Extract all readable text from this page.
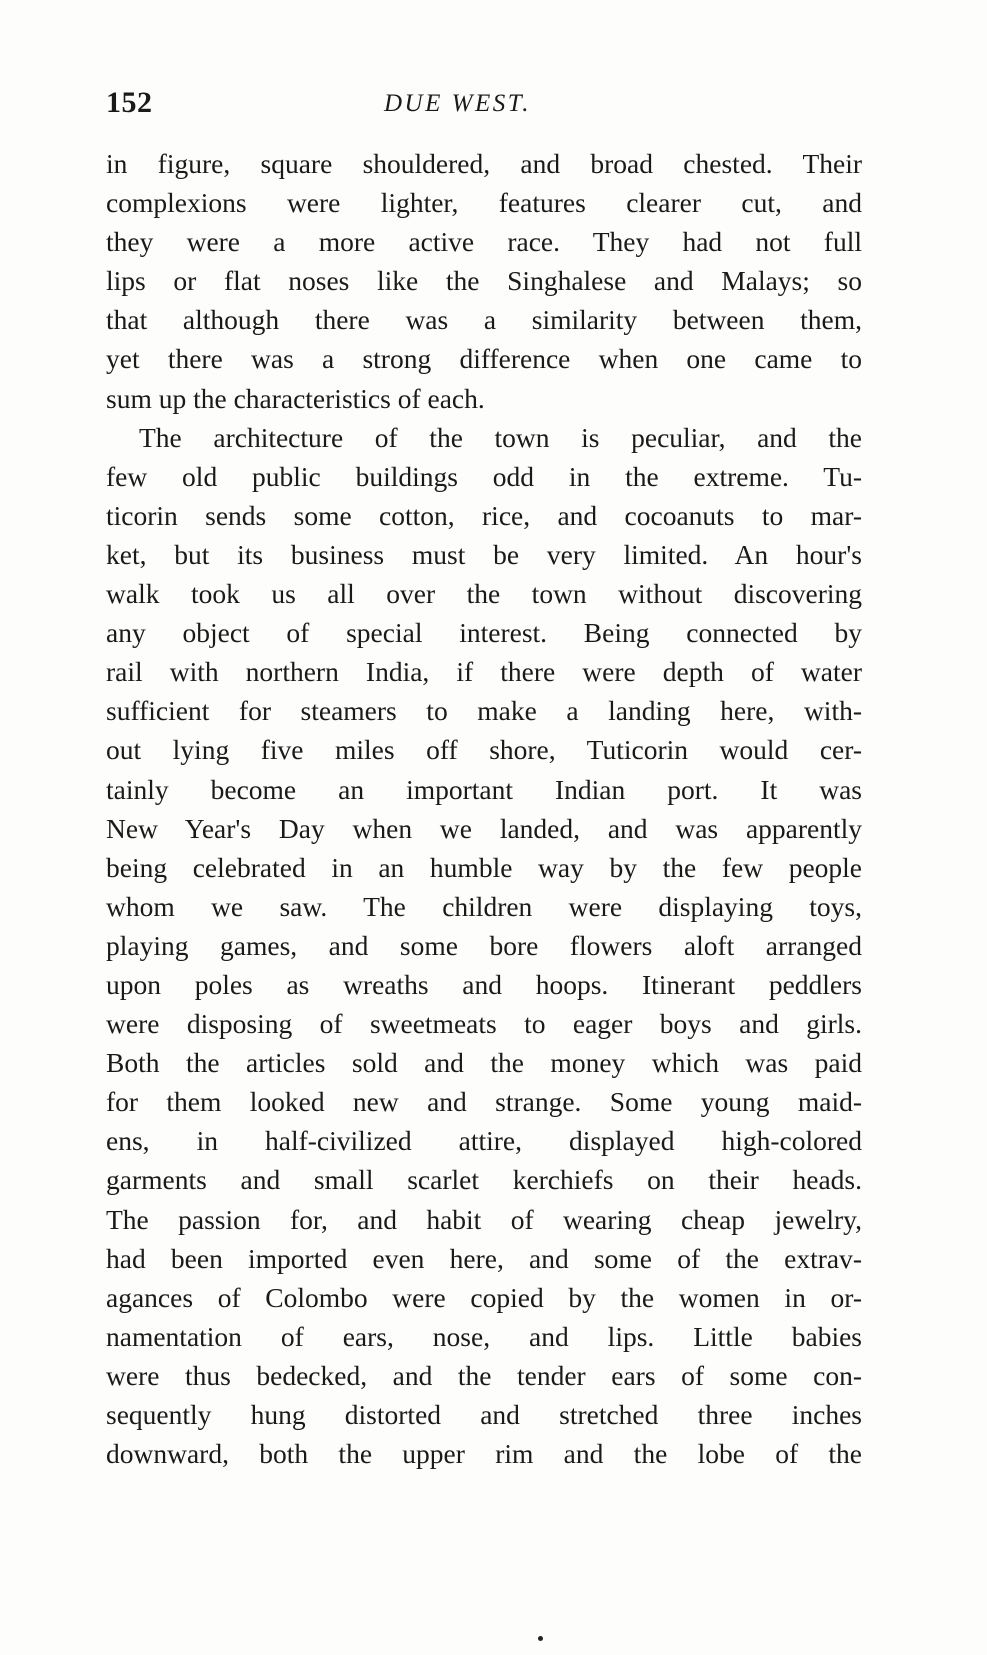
152	DUE WEST.
in figure, square shouldered, and broad chested. Their
complexions were lighter, features clearer cut, and
they were a more active race. They had not full
lips or flat noses like the Singhalese and Malays; so
that although there was a similarity between them,
yet there was a strong difference when one came to
sum up the characteristics of each.
The architecture of the town is peculiar, and the
few old public buildings odd in the extreme. Tu-
ticorin sends some cotton, rice, and cocoanuts to mar-
ket, but its business must be very limited. An hour's
walk took us all over the town without discovering
any object of special interest. Being connected by
rail with northern India, if there were depth of water
sufficient for steamers to make a landing here, with-
out lying five miles off shore, Tuticorin would cer-
tainly become an important Indian port. It was
New Year's Day when we landed, and was apparently
being celebrated in an humble way by the few people
whom we saw. The children were displaying toys,
playing games, and some bore flowers aloft arranged
upon poles as wreaths and hoops. Itinerant peddlers
were disposing of sweetmeats to eager boys and girls.
Both the articles sold and the money which was paid
for them looked new and strange. Some young maid-
ens, in half-civilized attire, displayed high-colored
garments and small scarlet kerchiefs on their heads.
The passion for, and habit of wearing cheap jewelry,
had been imported even here, and some of the extrav-
agances of Colombo were copied by the women in or-
namentation of ears, nose, and lips. Little babies
were thus bedecked, and the tender ears of some con-
sequently hung distorted and stretched three inches
downward, both the upper rim and the lobe of the
